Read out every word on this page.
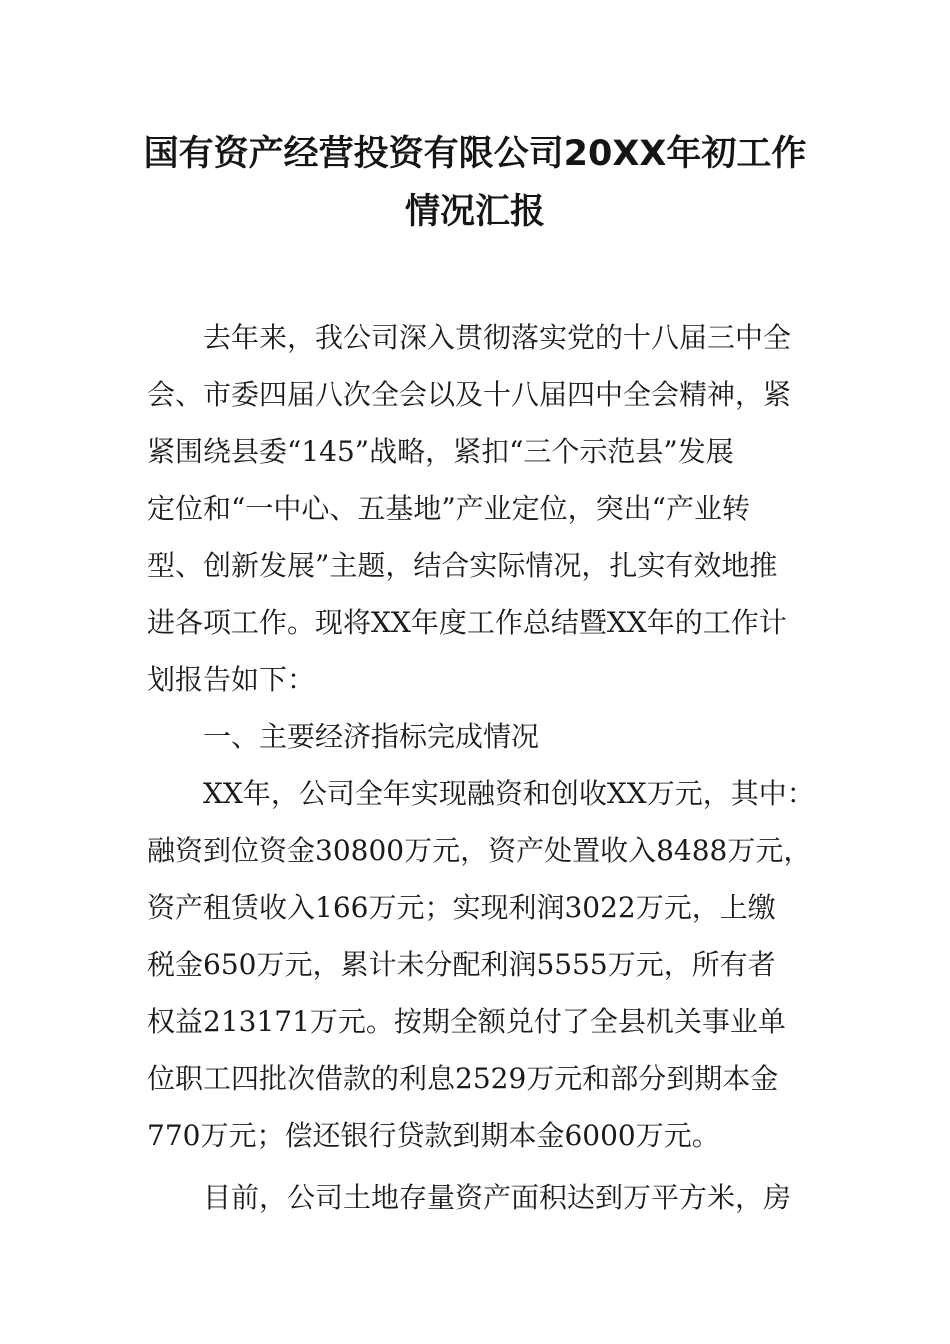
国有资产经营投资有限公司20XX年初工作
情况汇报
去年来，我公司深入贯彻落实党的十八届三中全
会、市委四届八次全会以及十八届四中全会精神，紧
紧围绕县委“145”战略，紧扣“三个示范县”发展
定位和“一中心、五基地”产业定位，突出“产业转
型、创新发展”主题，结合实际情况，扎实有效地推
进各项工作。现将XX年度工作总结暨XX年的工作计
划报告如下：
一、主要经济指标完成情况
XX年，公司全年实现融资和创收XX万元，其中：
融资到位资金30800万元，资产处置收入8488万元，
资产租赁收入166万元；实现利润3022万元，上缴
税金650万元，累计未分配利润5555万元，所有者
权益213171万元。按期全额兑付了全县机关事业单
位职工四批次借款的利息2529万元和部分到期本金
770万元；偿还银行贷款到期本金6000万元。
目前，公司土地存量资产面积达到万平方米，房
